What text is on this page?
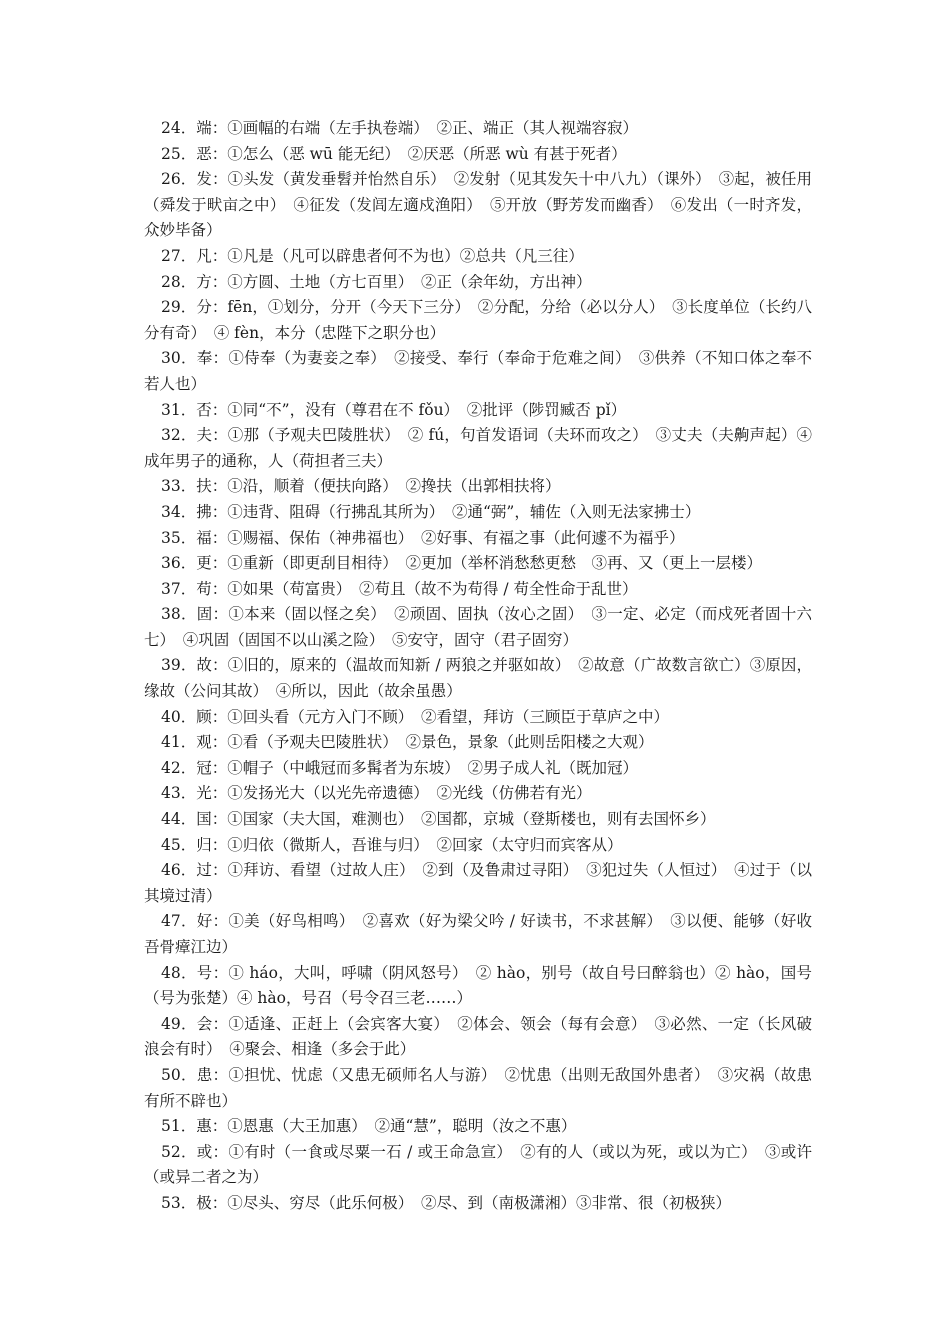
24．端：①画幅的右端（左手执卷端）　②正、端正（其人视端容寂）

25．恶：①怎么（恶 wū 能无纪）　②厌恶（所恶 wù 有甚于死者）

26．发：①头发（黄发垂髫并怡然自乐）　②发射（见其发矢十中八九）（课外）　③起，被任用（舜发于畎亩之中）　④征发（发闾左適戍渔阳）　⑤开放（野芳发而幽香）　⑥发出（一时齐发，众妙毕备）

27．凡：①凡是（凡可以辟患者何不为也）②总共（凡三往）

28．方：①方圆、土地（方七百里）　②正（余年幼，方出神）

29．分：fēn，①划分，分开（今天下三分）　②分配，分给（必以分人）　③长度单位（长约八分有奇）　④ fèn，本分（忠陛下之职分也）

30．奉：①侍奉（为妻妾之奉）　②接受、奉行（奉命于危难之间）　③供养（不知口体之奉不若人也）

31．否：①同“不”，没有（尊君在不 fǒu）　②批评（陟罚臧否 pǐ）

32．夫：①那（予观夫巴陵胜状）　② fú，句首发语词（夫环而攻之）　③丈夫（夫齁声起）④成年男子的通称，人（荷担者三夫）

33．扶：①沿，顺着（便扶向路）　②搀扶（出郭相扶将）

34．拂：①违背、阻碍（行拂乱其所为）　②通“弼”，辅佐（入则无法家拂士）

35．福：①赐福、保佑（神弗福也）　②好事、有福之事（此何遽不为福乎）

36．更：①重新（即更刮目相待）　②更加（举杯消愁愁更愁　③再、又（更上一层楼）

37．苟：①如果（苟富贵）　②苟且（故不为苟得 / 苟全性命于乱世）

38．固：①本来（固以怪之矣）　②顽固、固执（汝心之固）　③一定、必定（而戍死者固十六七）　④巩固（固国不以山溪之险）　⑤安守，固守（君子固穷）

39．故：①旧的，原来的（温故而知新 / 两狼之并驱如故）　②故意（广故数言欲亡）③原因，缘故（公问其故）　④所以，因此（故余虽愚）

40．顾：①回头看（元方入门不顾）　②看望，拜访（三顾臣于草庐之中）

41．观：①看（予观夫巴陵胜状）　②景色，景象（此则岳阳楼之大观）

42．冠：①帽子（中峨冠而多髯者为东坡）　②男子成人礼（既加冠）

43．光：①发扬光大（以光先帝遗德）　②光线（仿佛若有光）

44．国：①国家（夫大国，难测也）　②国都，京城（登斯楼也，则有去国怀乡）

45．归：①归依（微斯人，吾谁与归）　②回家（太守归而宾客从）

46．过：①拜访、看望（过故人庄）　②到（及鲁肃过寻阳）　③犯过失（人恒过）　④过于（以其境过清）

47．好：①美（好鸟相鸣）　②喜欢（好为梁父吟 / 好读书，不求甚解）　③以便、能够（好收吾骨瘴江边）

48．号：① háo，大叫，呼啸（阴风怒号）　② hào，别号（故自号曰醉翁也）② hào，国号（号为张楚）④ hào，号召（号令召三老……）

49．会：①适逢、正赶上（会宾客大宴）　②体会、领会（每有会意）　③必然、一定（长风破浪会有时）　④聚会、相逢（多会于此）

50．患：①担忧、忧虑（又患无硕师名人与游）　②忧患（出则无敌国外患者）　③灾祸（故患有所不辟也）

51．惠：①恩惠（大王加惠）　②通“慧”，聪明（汝之不惠）

52．或：①有时（一食或尽粟一石 / 或王命急宣）　②有的人（或以为死，或以为亡）　③或许（或异二者之为）

53．极：①尽头、穷尽（此乐何极）　②尽、到（南极潇湘）③非常、很（初极狭）
